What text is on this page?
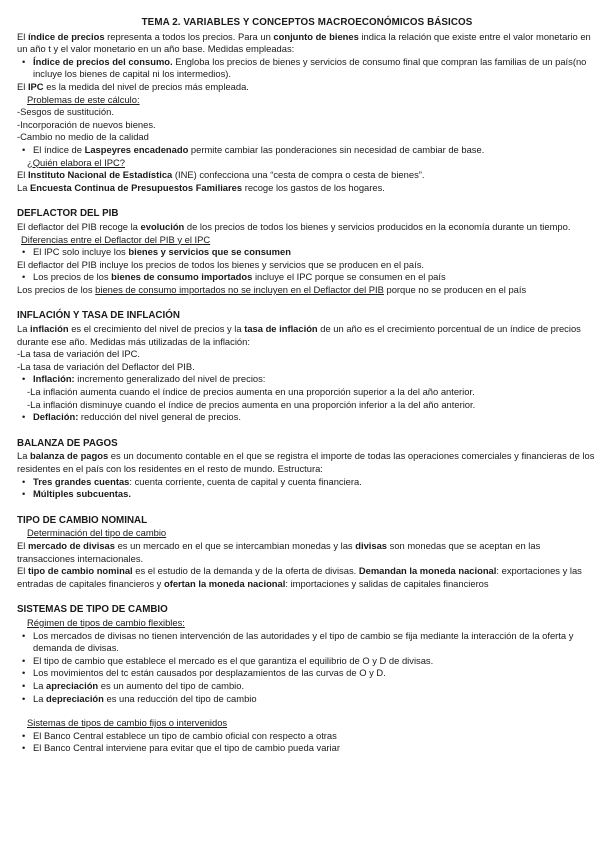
TEMA 2. VARIABLES Y CONCEPTOS MACROECONÓMICOS BÁSICOS

El índice de precios representa a todos los precios. Para un conjunto de bienes indica la relación que existe entre el valor monetario en un año t y el valor monetario en un año base. Medidas empleadas:

• Índice de precios del consumo. Engloba los precios de bienes y servicios de consumo final que compran las familias de un país(no incluye los bienes de capital ni los intermedios).

El IPC es la medida del nivel de precios más empleada.

Problemas de este cálculo:

-Sesgos de sustitución.

-Incorporación de nuevos bienes.

-Cambio no medio de la calidad

• El índice de Laspeyres encadenado permite cambiar las ponderaciones sin necesidad de cambiar de base.

¿Quién elabora el IPC?

El Instituto Nacional de Estadística (INE) confecciona una “cesta de compra o cesta de bienes”.

La Encuesta Continua de Presupuestos Familiares recoge los gastos de los hogares.

DEFLACTOR DEL PIB

El deflactor del PIB recoge la evolución de los precios de todos los bienes y servicios producidos en la economía durante un tiempo.

Diferencias entre el Deflactor del PIB y el IPC

• El IPC solo incluye los bienes y servicios que se consumen

El deflactor del PIB incluye los precios de todos los bienes y servicios que se producen en el país.

• Los precios de los bienes de consumo importados incluye el IPC porque se consumen en el país

Los precios de los bienes de consumo importados no se incluyen en el Deflactor del PIB porque no se producen en el país

INFLACIÓN Y TASA DE INFLACIÓN

La inflación es el crecimiento del nivel de precios y la tasa de inflación de un año es el crecimiento porcentual de un índice de precios durante ese año. Medidas más utilizadas de la inflación:

-La tasa de variación del IPC.

-La tasa de variación del Deflactor del PIB.

• Inflación: incremento generalizado del nivel de precios:

-La inflación aumenta cuando el índice de precios aumenta en una proporción superior a la del año anterior.

-La inflación disminuye cuando el índice de precios aumenta en una proporción inferior a la del año anterior.

• Deflación: reducción del nivel general de precios.

BALANZA DE PAGOS

La balanza de pagos es un documento contable en el que se registra el importe de todas las operaciones comerciales y financieras de los residentes en el país con los residentes en el resto de mundo. Estructura:

• Tres grandes cuentas: cuenta corriente, cuenta de capital y cuenta financiera.
• Múltiples subcuentas.

TIPO DE CAMBIO NOMINAL

Determinación del tipo de cambio

El mercado de divisas es un mercado en el que se intercambian monedas y las divisas son monedas que se aceptan en las transacciones internacionales.

El tipo de cambio nominal es el estudio de la demanda y de la oferta de divisas. Demandan la moneda nacional: exportaciones y las entradas de capitales financieros y ofertan la moneda nacional: importaciones y salidas de capitales financieros

SISTEMAS DE TIPO DE CAMBIO

Régimen de tipos de cambio flexibles:

• Los mercados de divisas no tienen intervención de las autoridades y el tipo de cambio se fija mediante la interacción de la oferta y demanda de divisas.
• El tipo de cambio que establece el mercado es el que garantiza el equilibrio de O y D de divisas.
• Los movimientos del tc están causados por desplazamientos de las curvas de O y D.
• La apreciación es un aumento del tipo de cambio.
• La depreciación es una reducción del tipo de cambio

Sistemas de tipos de cambio fijos o intervenidos

• El Banco Central establece un tipo de cambio oficial con respecto a otras
• El Banco Central interviene para evitar que el tipo de cambio pueda variar
